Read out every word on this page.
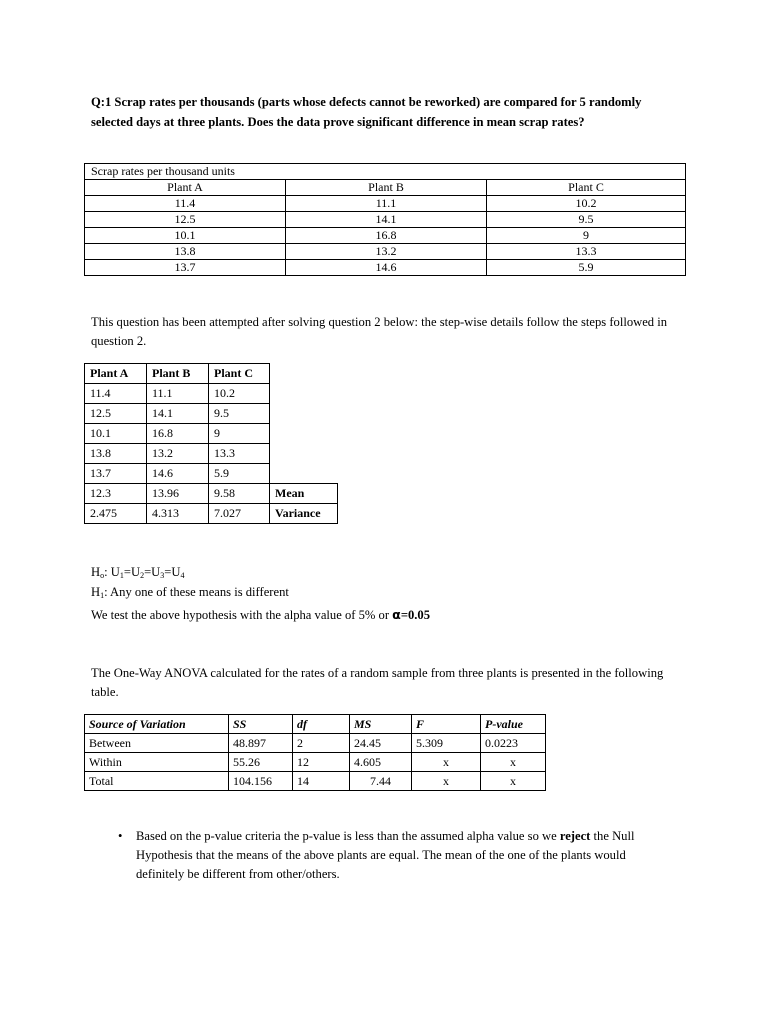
Q:1 Scrap rates per thousands (parts whose defects cannot be reworked) are compared for 5 randomly selected days at three plants. Does the data prove significant difference in mean scrap rates?
Scrap rates per thousand units		
Plant A	Plant B	Plant C
11.4	11.1	10.2
12.5	14.1	9.5
10.1	16.8	9
13.8	13.2	13.3
13.7	14.6	5.9

This question has been attempted after solving question 2 below: the step-wise details follow the steps followed in question 2.

Plant A	Plant B	Plant C	
11.4	11.1	10.2	
12.5	14.1	9.5	
10.1	16.8	9	
13.8	13.2	13.3	
13.7	14.6	5.9	
12.3	13.96	9.58	Mean
2.475	4.313	7.027	Variance
$H_o$: $U_1=U_2=U_3=U_4$
$H_1$: Any one of these means is different
We test the above hypothesis with the alpha value of 5% or α=0.05

The One-Way ANOVA calculated for the rates of a random sample from three plants is presented in the following table.

Source of Variation	SS	df	MS	F	P-value
Between	48.897	2	24.45	5.309	0.0223
Within	55.26	12	4.605	x	x
Total	104.156	14	7.44	x	x
• Based on the p-value criteria the p-value is less than the assumed alpha value so we reject the Null Hypothesis that the means of the above plants are equal. The mean of the one of the plants would definitely be different from other/others.
